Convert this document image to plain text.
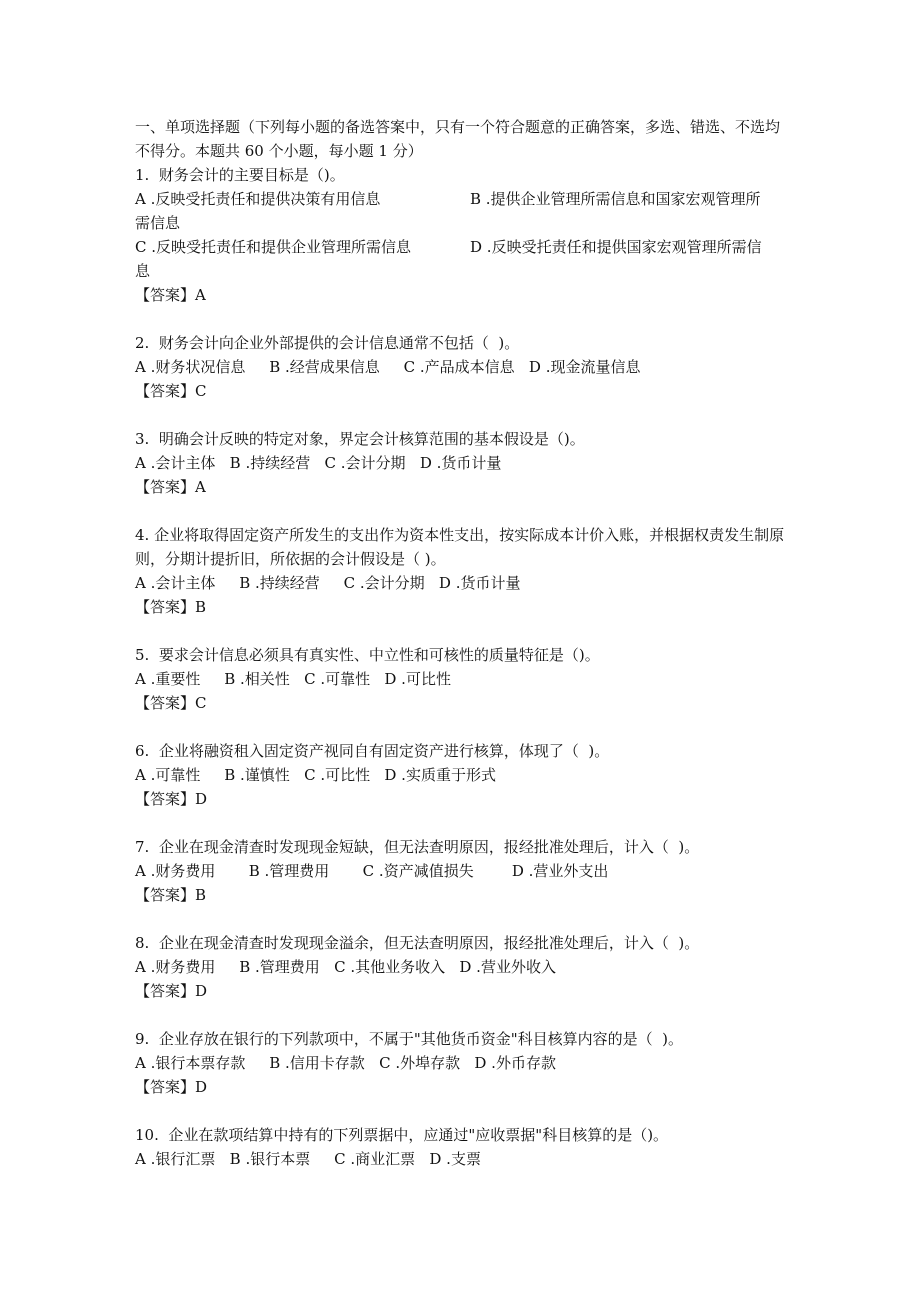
一、单项选择题（下列每小题的备选答案中，只有一个符合题意的正确答案，多选、错选、不选均不得分。本题共 60 个小题，每小题 1 分）

1.  财务会计的主要目标是（)。

A .反映受托责任和提供决策有用信息	B .提供企业管理所需信息和国家宏观管理所

需信息

C .反映受托责任和提供企业管理所需信息	D .反映受托责任和提供国家宏观管理所需信

息

【答案】A

2.  财务会计向企业外部提供的会计信息通常不包括（  )。

A .财务状况信息     B .经营成果信息     C .产品成本信息   D .现金流量信息

【答案】C

3.  明确会计反映的特定对象，界定会计核算范围的基本假设是（)。

A .会计主体   B .持续经营   C .会计分期   D .货币计量

【答案】A

4. 企业将取得固定资产所发生的支出作为资本性支出，按实际成本计价入账，并根据权责发生制原则，分期计提折旧，所依据的会计假设是（ )。

A .会计主体     B .持续经营     C .会计分期   D .货币计量

【答案】B

5.  要求会计信息必须具有真实性、中立性和可核性的质量特征是（)。

A .重要性     B .相关性   C .可靠性   D .可比性

【答案】C

6.  企业将融资租入固定资产视同自有固定资产进行核算，体现了（  )。

A .可靠性     B .谨慎性   C .可比性   D .实质重于形式

【答案】D

7.  企业在现金清查时发现现金短缺，但无法查明原因，报经批准处理后，计入（  )。

A .财务费用       B .管理费用       C .资产减值损失        D .营业外支出

【答案】B

8.  企业在现金清查时发现现金溢余，但无法查明原因，报经批准处理后，计入（  )。

A .财务费用     B .管理费用   C .其他业务收入   D .营业外收入

【答案】D

9.  企业存放在银行的下列款项中，不属于"其他货币资金"科目核算内容的是（  )。

A .银行本票存款     B .信用卡存款   C .外埠存款   D .外币存款

【答案】D

10.  企业在款项结算中持有的下列票据中，应通过"应收票据"科目核算的是（)。

A .银行汇票   B .银行本票     C .商业汇票   D .支票
